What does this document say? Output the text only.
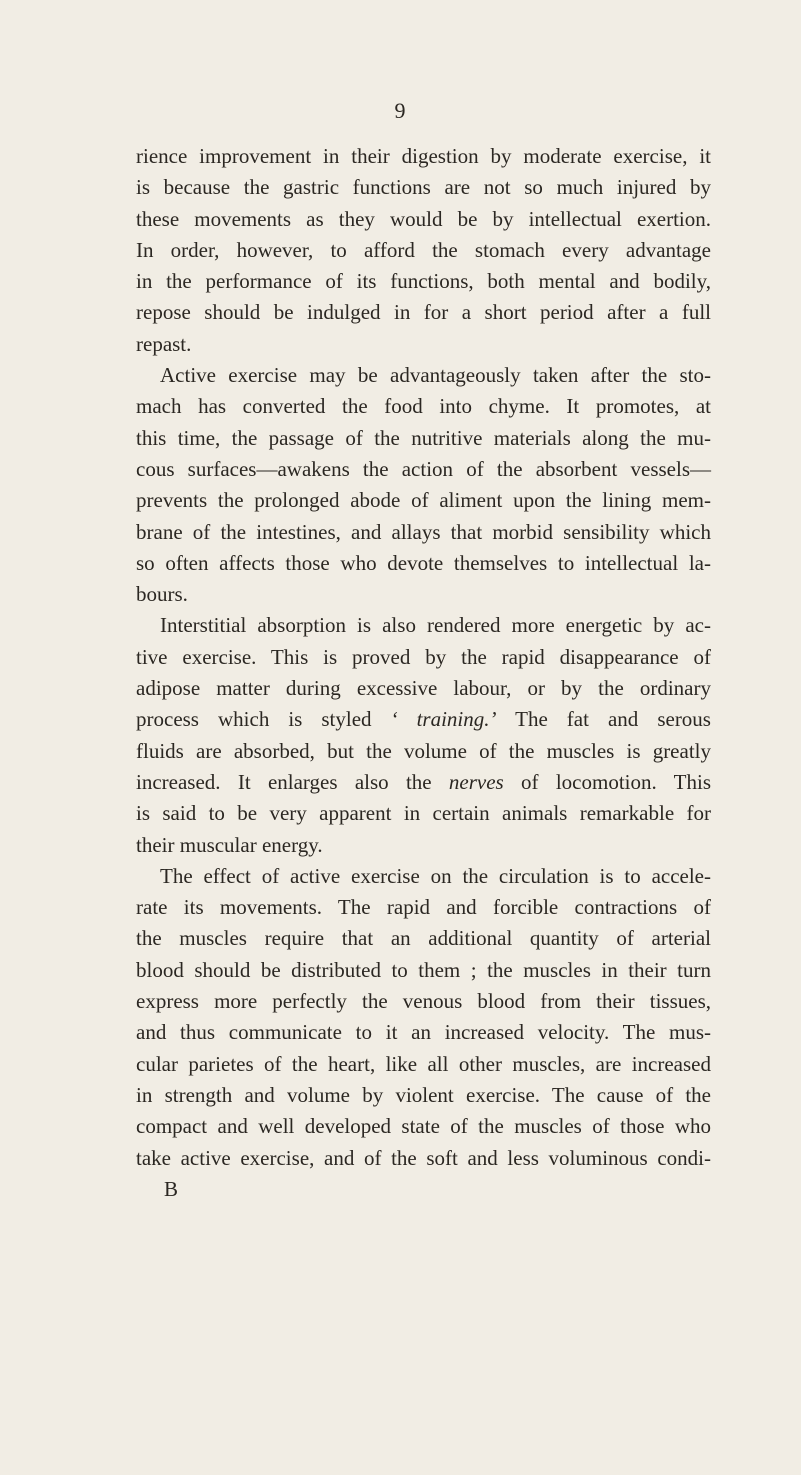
9
rience improvement in their digestion by moderate exercise, it
is because the gastric functions are not so much injured by
these movements as they would be by intellectual exertion.
In order, however, to afford the stomach every advantage
in the performance of its functions, both mental and bodily,
repose should be indulged in for a short period after a full
repast.
Active exercise may be advantageously taken after the sto-
mach has converted the food into chyme. It promotes, at
this time, the passage of the nutritive materials along the mu-
cous surfaces—awakens the action of the absorbent vessels—
prevents the prolonged abode of aliment upon the lining mem-
brane of the intestines, and allays that morbid sensibility which
so often affects those who devote themselves to intellectual la-
bours.
Interstitial absorption is also rendered more energetic by ac-
tive exercise. This is proved by the rapid disappearance of
adipose matter during excessive labour, or by the ordinary
process which is styled ‘ training.’ The fat and serous
fluids are absorbed, but the volume of the muscles is greatly
increased. It enlarges also the nerves of locomotion. This
is said to be very apparent in certain animals remarkable for
their muscular energy.
The effect of active exercise on the circulation is to accele-
rate its movements. The rapid and forcible contractions of
the muscles require that an additional quantity of arterial
blood should be distributed to them ; the muscles in their turn
express more perfectly the venous blood from their tissues,
and thus communicate to it an increased velocity. The mus-
cular parietes of the heart, like all other muscles, are increased
in strength and volume by violent exercise. The cause of the
compact and well developed state of the muscles of those who
take active exercise, and of the soft and less voluminous condi-
B
